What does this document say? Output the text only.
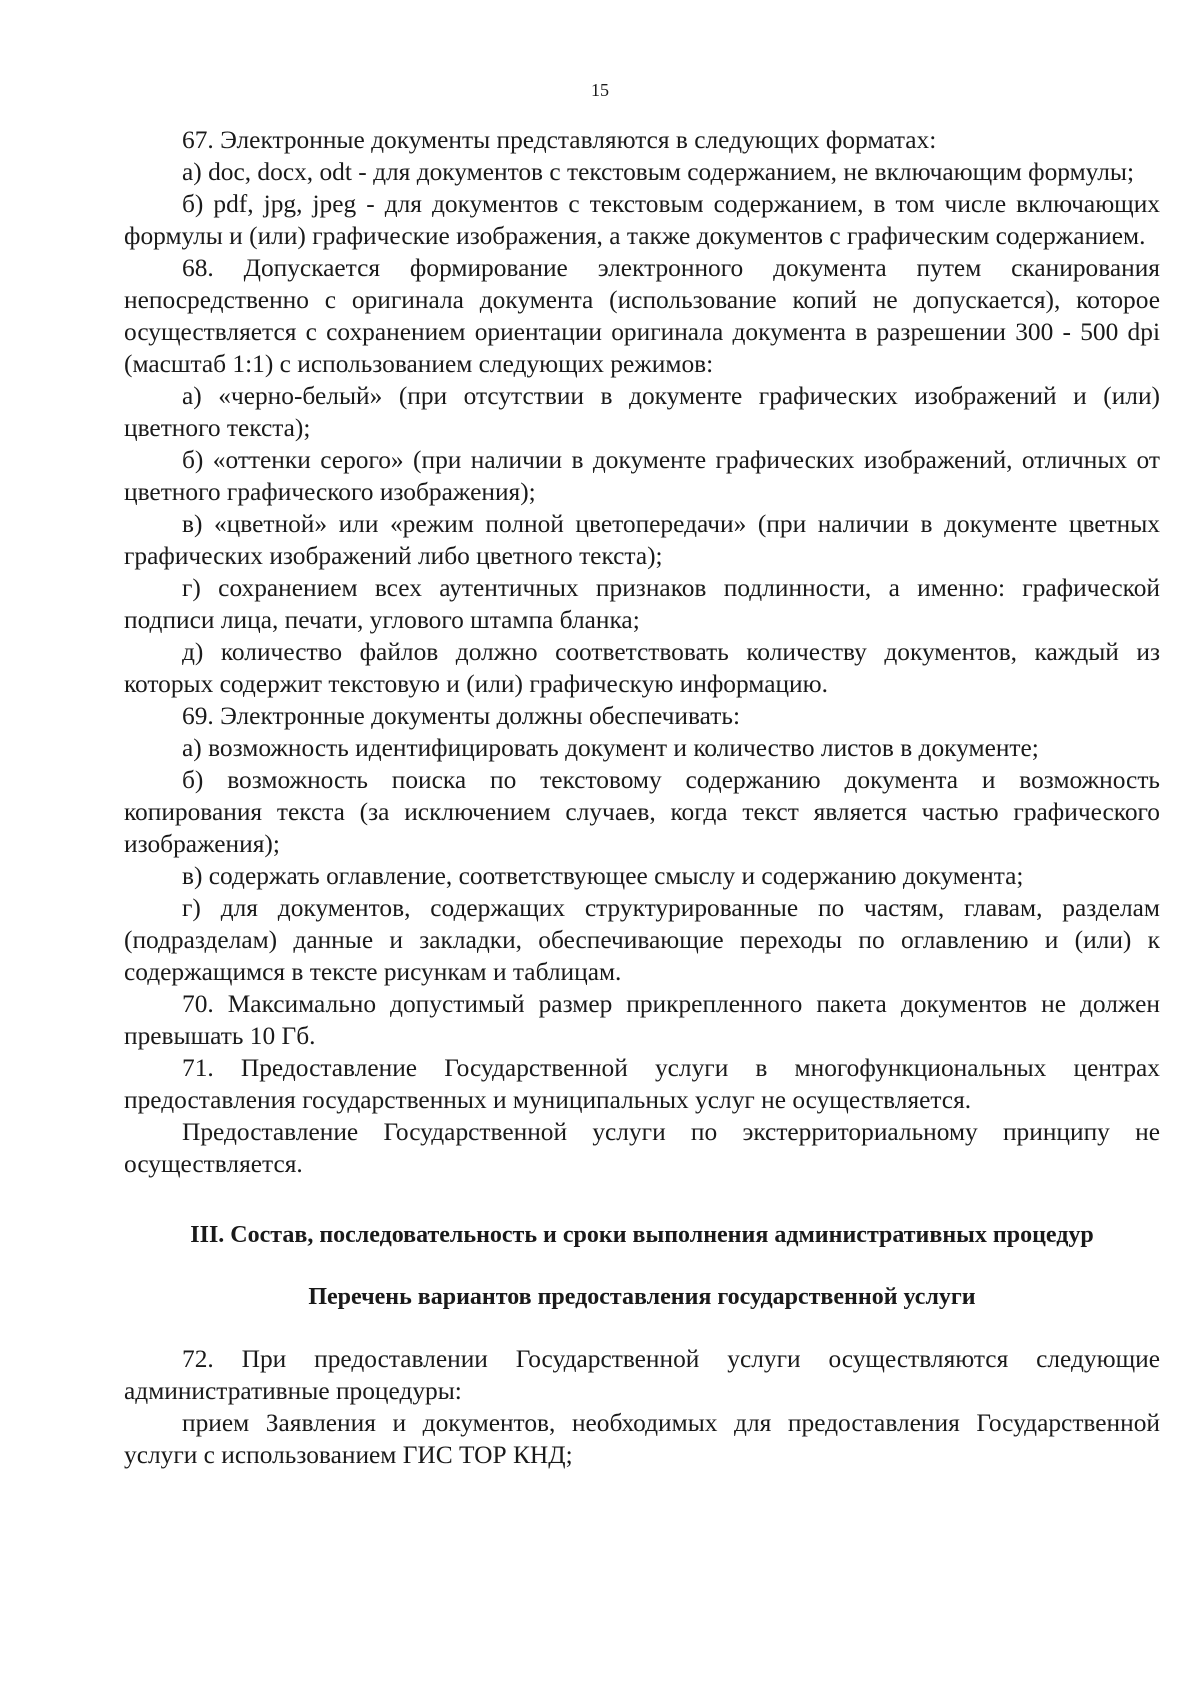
15

67. Электронные документы представляются в следующих форматах:

а) doc, docx, odt - для документов с текстовым содержанием, не включающим формулы;

б) pdf, jpg, jpeg - для документов с текстовым содержанием, в том числе включающих формулы и (или) графические изображения, а также документов с графическим содержанием.

68. Допускается формирование электронного документа путем сканирования непосредственно с оригинала документа (использование копий не допускается), которое осуществляется с сохранением ориентации оригинала документа в разрешении 300 - 500 dpi (масштаб 1:1) с использованием следующих режимов:

а) «черно-белый» (при отсутствии в документе графических изображений и (или) цветного текста);

б) «оттенки серого» (при наличии в документе графических изображений, отличных от цветного графического изображения);

в) «цветной» или «режим полной цветопередачи» (при наличии в документе цветных графических изображений либо цветного текста);

г) сохранением всех аутентичных признаков подлинности, а именно: графической подписи лица, печати, углового штампа бланка;

д) количество файлов должно соответствовать количеству документов, каждый из которых содержит текстовую и (или) графическую информацию.

69. Электронные документы должны обеспечивать:

а) возможность идентифицировать документ и количество листов в документе;

б) возможность поиска по текстовому содержанию документа и возможность копирования текста (за исключением случаев, когда текст является частью графического изображения);

в) содержать оглавление, соответствующее смыслу и содержанию документа;

г) для документов, содержащих структурированные по частям, главам, разделам (подразделам) данные и закладки, обеспечивающие переходы по оглавлению и (или) к содержащимся в тексте рисункам и таблицам.

70. Максимально допустимый размер прикрепленного пакета документов не должен превышать 10 Гб.

71. Предоставление Государственной услуги в многофункциональных центрах предоставления государственных и муниципальных услуг не осуществляется.

Предоставление Государственной услуги по экстерриториальному принципу не осуществляется.

III. Состав, последовательность и сроки выполнения административных процедур
Перечень вариантов предоставления государственной услуги

72. При предоставлении Государственной услуги осуществляются следующие административные процедуры:

прием Заявления и документов, необходимых для предоставления Государственной услуги с использованием ГИС ТОР КНД;
